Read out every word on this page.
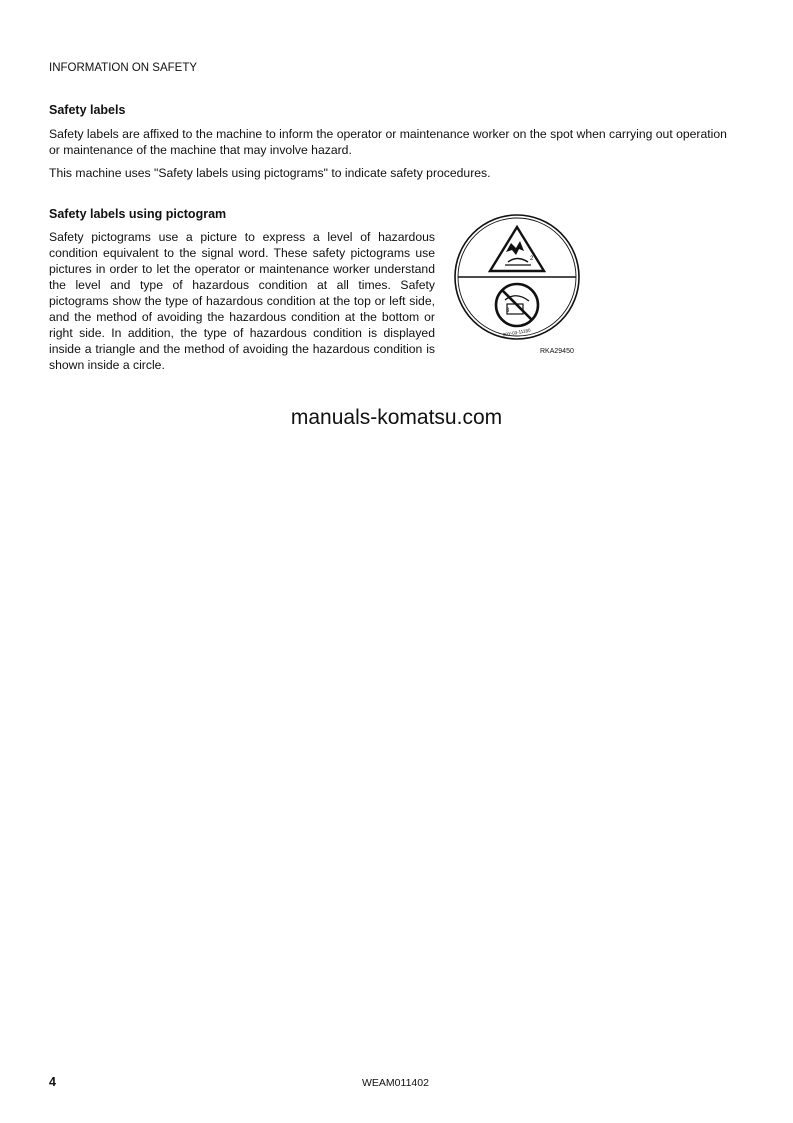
INFORMATION ON SAFETY
Safety labels

Safety labels are affixed to the machine to inform the operator or maintenance worker on the spot when carrying out operation or maintenance of the machine that may involve hazard.

This machine uses "Safety labels using pictograms" to indicate safety procedures.

Safety labels using pictogram

Safety pictograms use a picture to express a level of hazardous condition equivalent to the signal word. These safety pictograms use pictures in order to let the operator or maintenance worker understand the level and type of hazardous condition at all times. Safety pictograms show the type of hazardous condition at the top or left side, and the method of avoiding the hazardous condition at the bottom or right side. In addition, the type of hazardous condition is displayed inside a triangle and the method of avoiding the hazardous condition is shown inside a circle.

2
3
20Y-03-11180
RKA29450
manuals-komatsu.com
4	WEAM011402
